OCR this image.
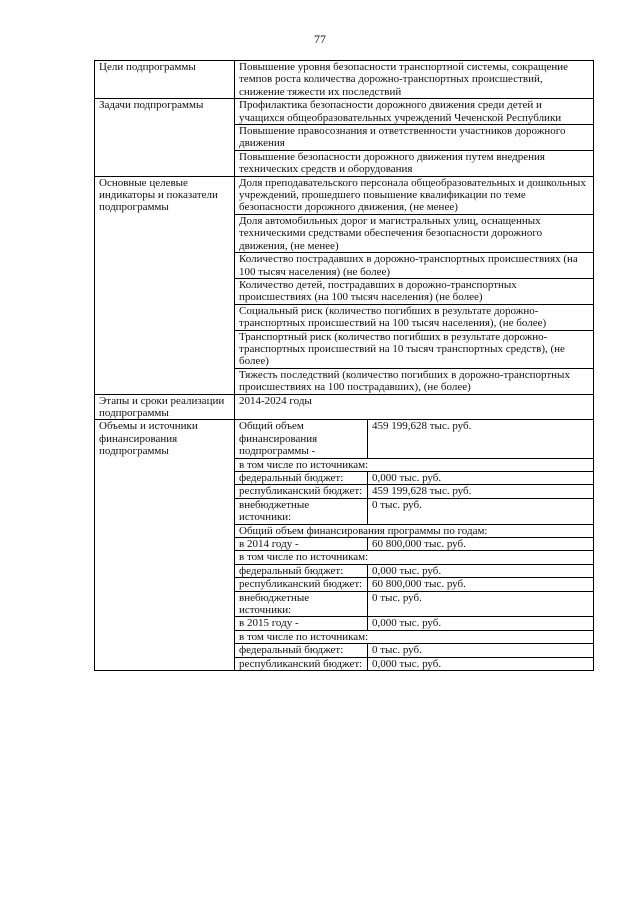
77
Цели подпрограммы	Повышение уровня безопасности транспортной системы, сокращение темпов роста количества дорожно-транспортных происшествий, снижение тяжести их последствий	
Задачи подпрограммы	Профилактика безопасности дорожного движения среди детей и учащихся общеобразовательных учреждений Чеченской Республики	
	Повышение правосознания и ответственности участников дорожного движения	
	Повышение безопасности дорожного движения путем внедрения технических средств и оборудования	
Основные целевые индикаторы и показатели подпрограммы	Доля преподавательского персонала общеобразовательных и дошкольных учреждений, прошедшего повышение квалификации по теме безопасности дорожного движения, (не менее)	
	Доля автомобильных дорог и магистральных улиц, оснащенных техническими средствами обеспечения безопасности дорожного движения, (не менее)	
	Количество пострадавших в дорожно-транспортных происшествиях (на 100 тысяч населения) (не более)	
	Количество детей, пострадавших в дорожно-транспортных происшествиях (на 100 тысяч населения) (не более)	
	Социальный риск (количество погибших в результате дорожно-транспортных происшествий на 100 тысяч населения), (не более)	
	Транспортный риск (количество погибших в результате дорожно-транспортных происшествий на 10 тысяч транспортных средств), (не более)	
	Тяжесть последствий (количество погибших в дорожно-транспортных происшествиях на 100 пострадавших), (не более)	
Этапы и сроки реализации подпрограммы	2014-2024 годы	
Объемы и источники финансирования подпрограммы	Общий объем финансирования подпрограммы -	459 199,628 тыс. руб.
	в том числе по источникам:	
	федеральный бюджет:	0,000 тыс. руб.
	республиканский бюджет:	459 199,628 тыс. руб.
	внебюджетные источники:	0 тыс. руб.
	Общий объем финансирования программы по годам:	
	в 2014 году -	60 800,000 тыс. руб.
	в том числе по источникам:	
	федеральный бюджет:	0,000 тыс. руб.
	республиканский бюджет:	60 800,000 тыс. руб.
	внебюджетные источники:	0 тыс. руб.
	в 2015 году -	0,000 тыс. руб.
	в том числе по источникам:	
	федеральный бюджет:	0 тыс. руб.
	республиканский бюджет:	0,000 тыс. руб.
